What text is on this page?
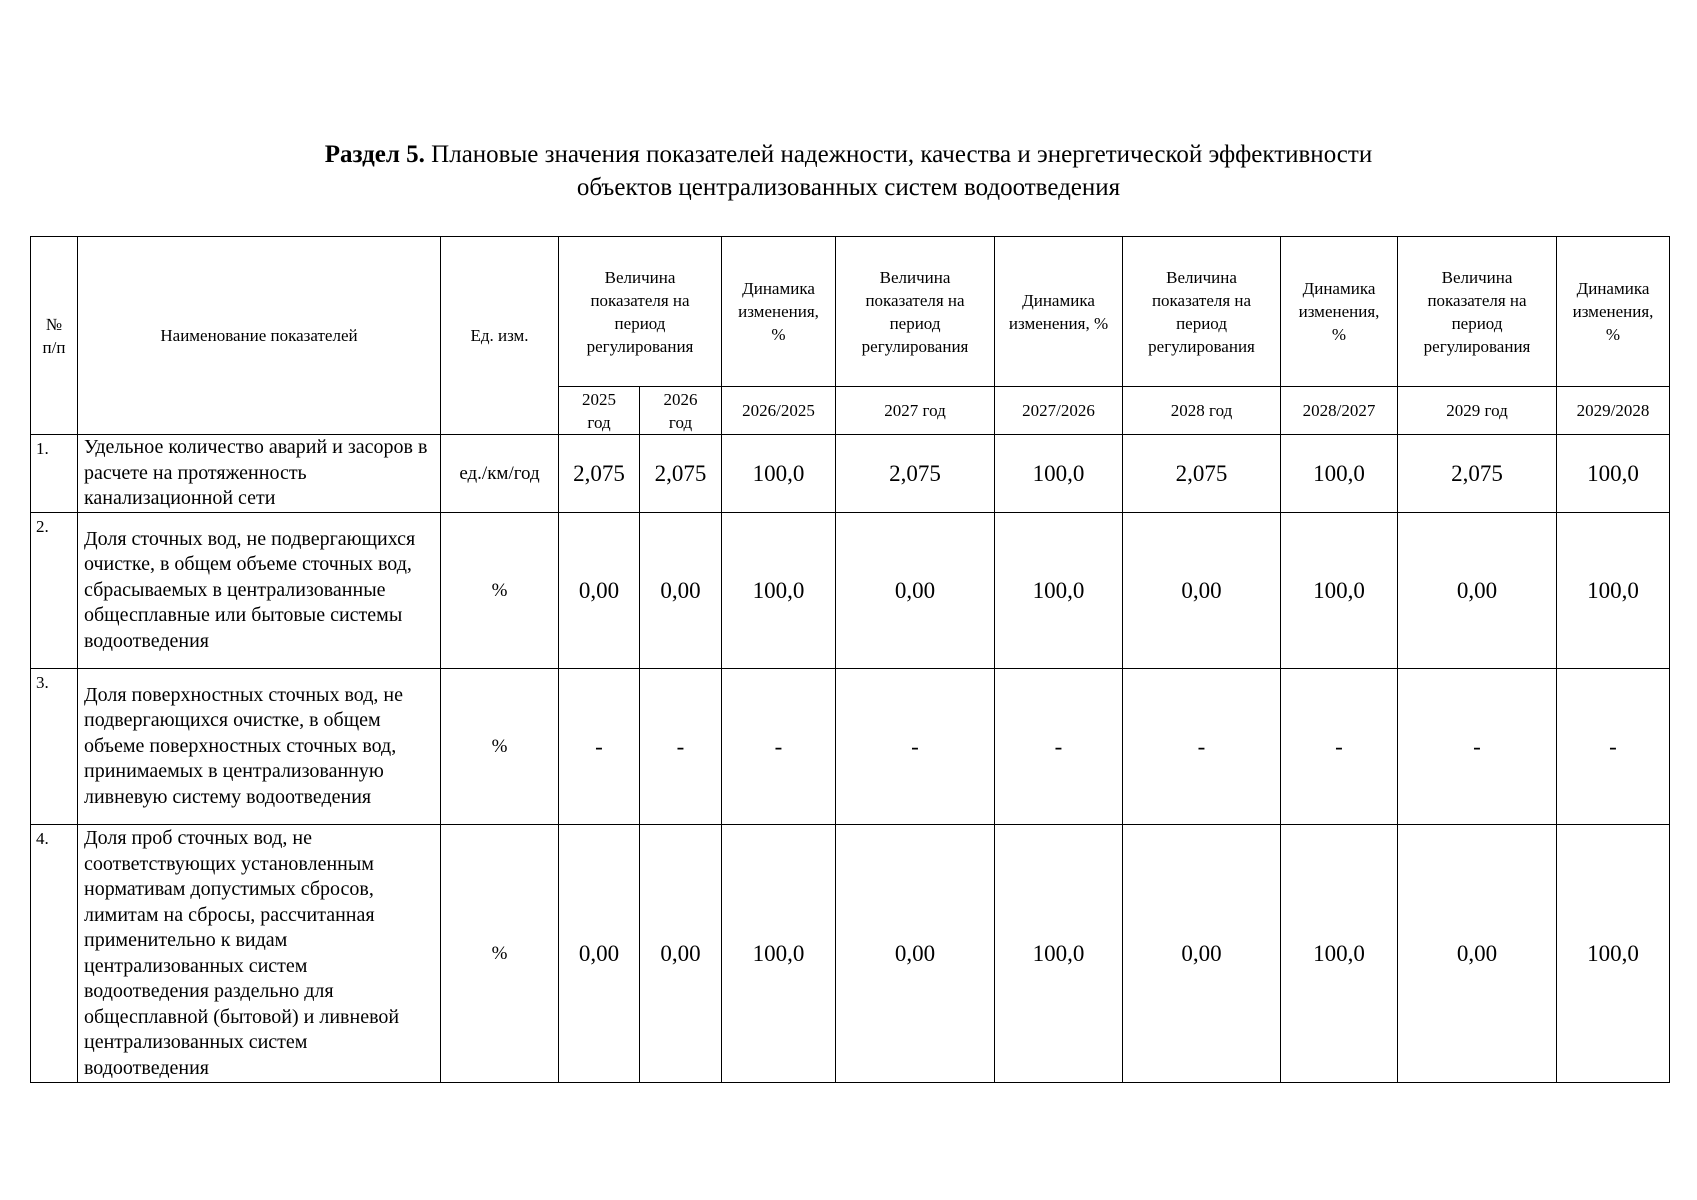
Раздел 5. Плановые значения показателей надежности, качества и энергетической эффективности
объектов централизованных систем водоотведения
№ п/п	Наименование показателей	Ед. изм.	Величина показателя на период регулирования		Динамика изменения, %	Величина показателя на период регулирования	Динамика изменения, %	Величина показателя на период регулирования	Динамика изменения, %	Величина показателя на период регулирования	Динамика изменения, %
			2025 год	2026 год	2026/2025	2027 год	2027/2026	2028 год	2028/2027	2029 год	2029/2028
1.	Удельное количество аварий и засоров в расчете на протяженность канализационной сети	ед./км/год	2,075	2,075	100,0	2,075	100,0	2,075	100,0	2,075	100,0
2.	Доля сточных вод, не подвергающихся очистке, в общем объеме сточных вод, сбрасываемых в централизованные общесплавные или бытовые системы водоотведения	%	0,00	0,00	100,0	0,00	100,0	0,00	100,0	0,00	100,0
3.	Доля поверхностных сточных вод, не подвергающихся очистке, в общем объеме поверхностных сточных вод, принимаемых в централизованную ливневую систему водоотведения	%	-	-	-	-	-	-	-	-	-
4.	Доля проб сточных вод, не соответствующих установленным нормативам допустимых сбросов, лимитам на сбросы, рассчитанная применительно к видам централизованных систем водоотведения раздельно для общесплавной (бытовой) и ливневой централизованных систем водоотведения	%	0,00	0,00	100,0	0,00	100,0	0,00	100,0	0,00	100,0
